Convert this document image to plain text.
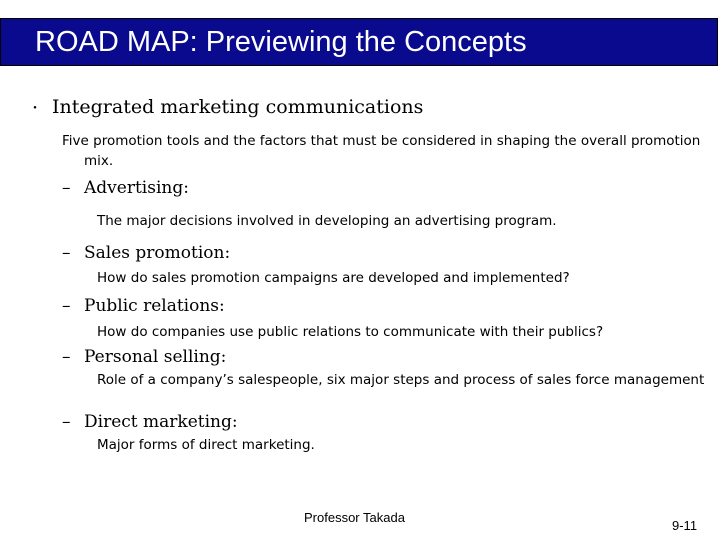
ROAD MAP: Previewing the Concepts
・ Integrated marketing communications
Five promotion tools and the factors that must be considered in shaping the overall promotion mix.
– Advertising:
The major decisions involved in developing an advertising program.
– Sales promotion:
How do sales promotion campaigns are developed and implemented?
– Public relations:
How do companies use public relations to communicate with their publics?
– Personal selling:
Role of a company’s salespeople, six major steps and process of sales force management
– Direct marketing:
Major forms of direct marketing.
Professor Takada
9-11
